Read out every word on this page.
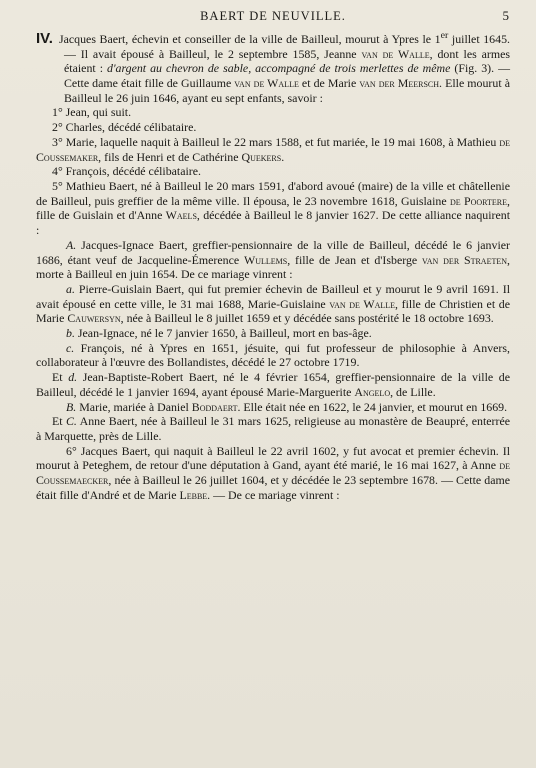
BAERT DE NEUVILLE.	5

IV. Jacques Baert, échevin et conseiller de la ville de Bailleul, mourut à Ypres le 1er juillet 1645. — Il avait épousé à Bailleul, le 2 septembre 1585, Jeanne van de Walle, dont les armes étaient : d'argent au chevron de sable, accompagné de trois merlettes de même (Fig. 3). — Cette dame était fille de Guillaume van de Walle et de Marie van der Meersch. Elle mourut à Bailleul le 26 juin 1646, ayant eu sept enfants, savoir :

1° Jean, qui suit.

2° Charles, décédé célibataire.

3° Marie, laquelle naquit à Bailleul le 22 mars 1588, et fut mariée, le 19 mai 1608, à Mathieu de Coussemaker, fils de Henri et de Cathérine Quekers.

4° François, décédé célibataire.

5° Mathieu Baert, né à Bailleul le 20 mars 1591, d'abord avoué (maire) de la ville et châtellenie de Bailleul, puis greffier de la même ville. Il épousa, le 23 novembre 1618, Guislaine de Poortere, fille de Guislain et d'Anne Waels, décédée à Bailleul le 8 janvier 1627. De cette alliance naquirent :

A. Jacques-Ignace Baert, greffier-pensionnaire de la ville de Bailleul, décédé le 6 janvier 1686, étant veuf de Jacqueline-Émerence Wullems, fille de Jean et d'Isberge van der Straeten, morte à Bailleul en juin 1654. De ce mariage vinrent :

a. Pierre-Guislain Baert, qui fut premier échevin de Bailleul et y mourut le 9 avril 1691. Il avait épousé en cette ville, le 31 mai 1688, Marie-Guislaine van de Walle, fille de Christien et de Marie Cauwersyn, née à Bailleul le 8 juillet 1659 et y décédée sans postérité le 18 octobre 1693.

b. Jean-Ignace, né le 7 janvier 1650, à Bailleul, mort en bas-âge.

c. François, né à Ypres en 1651, jésuite, qui fut professeur de philosophie à Anvers, collaborateur à l'œuvre des Bollandistes, décédé le 27 octobre 1719.

Et d. Jean-Baptiste-Robert Baert, né le 4 février 1654, greffier-pensionnaire de la ville de Bailleul, décédé le 1 janvier 1694, ayant épousé Marie-Marguerite Angelo, de Lille.

B. Marie, mariée à Daniel Boddaert. Elle était née en 1622, le 24 janvier, et mourut en 1669.

Et C. Anne Baert, née à Bailleul le 31 mars 1625, religieuse au monastère de Beaupré, enterrée à Marquette, près de Lille.

6° Jacques Baert, qui naquit à Bailleul le 22 avril 1602, y fut avocat et premier échevin. Il mourut à Peteghem, de retour d'une députation à Gand, ayant été marié, le 16 mai 1627, à Anne de Coussemaecker, née à Bailleul le 26 juillet 1604, et y décédée le 23 septembre 1678. — Cette dame était fille d'André et de Marie Lebbe. — De ce mariage vinrent :
